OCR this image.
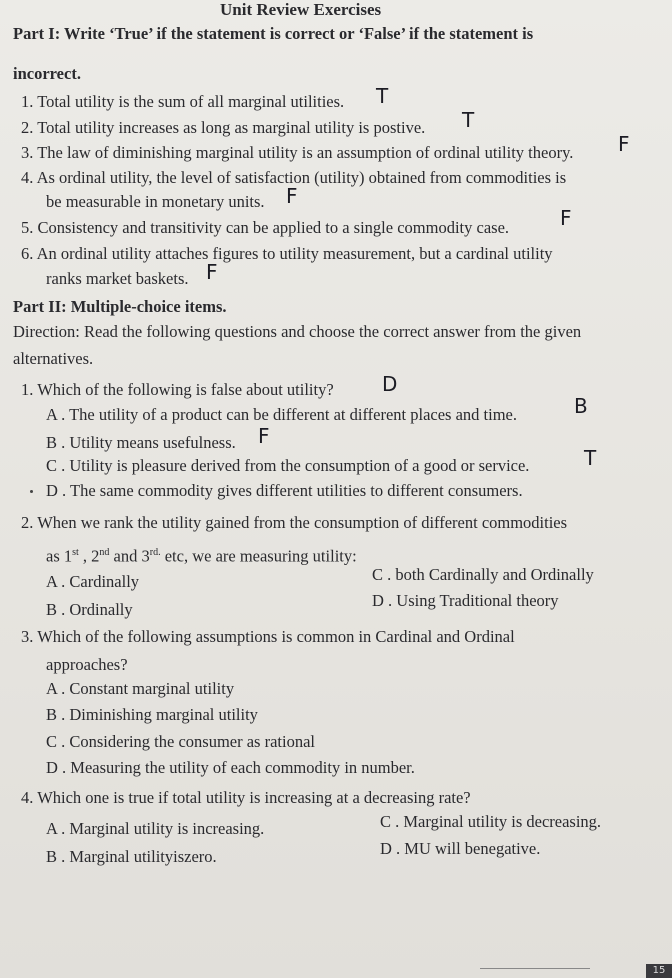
Unit Review Exercises
Part I: Write ‘True’ if the statement is correct or ‘False’ if the statement is
incorrect.
1. Total utility is the sum of all marginal utilities. T
2. Total utility increases as long as marginal utility is postive. T
3. The law of diminishing marginal utility is an assumption of ordinal utility theory. F
4. As ordinal utility, the level of satisfaction (utility) obtained from commodities is
be measurable in monetary units. F
5. Consistency and transitivity can be applied to a single commodity case.	F
6. An ordinal utility attaches figures to utility measurement, but a cardinal utility
ranks market baskets. F
Part II: Multiple-choice items.
Direction: Read the following questions and choose the correct answer from the given
alternatives.
1. Which of the following is false about utility? D
A . The utility of a product can be different at different places and time.	B
B . Utility means usefulness. F
C . Utility is pleasure derived from the consumption of a good or service.	T
D . The same commodity gives different utilities to different consumers.
2. When we rank the utility gained from the consumption of different commodities
as 1st , 2nd and $3^{rd.}$ etc, we are measuring utility:
A . Cardinally	C . both Cardinally and Ordinally
B . Ordinally	D . Using Traditional theory
3. Which of the following assumptions is common in Cardinal and Ordinal
approaches?
A . Constant marginal utility
B . Diminishing marginal utility
C . Considering the consumer as rational
D . Measuring the utility of each commodity in number.
4. Which one is true if total utility is increasing at a decreasing rate?
A . Marginal utility is increasing.	C . Marginal utility is decreasing.
B . Marginal utilityiszero.	D . MU will benegative.
15
